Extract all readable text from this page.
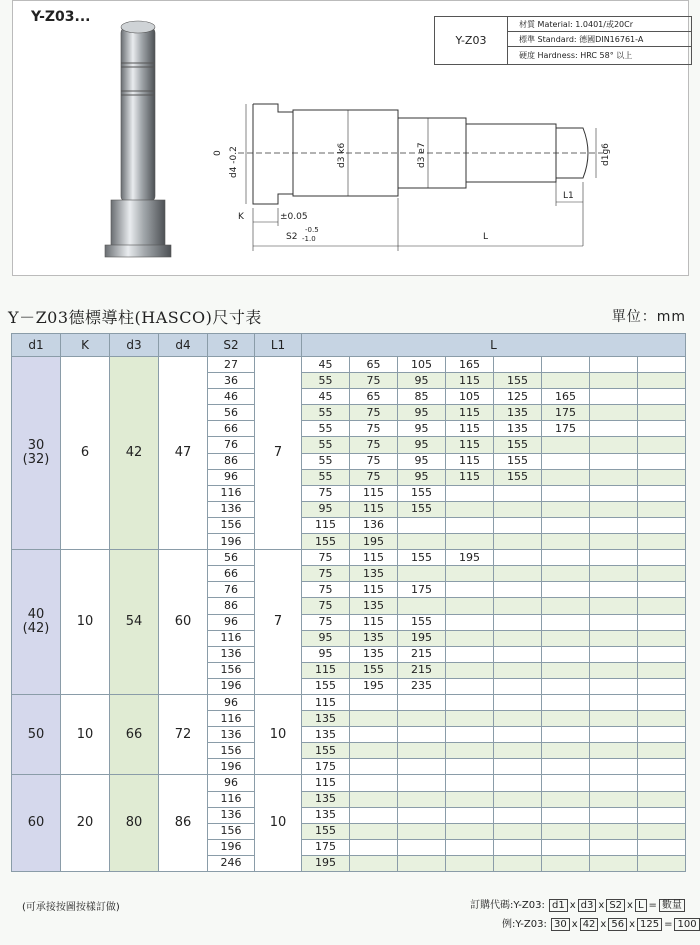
Y-Z03...
Y-Z03
材質 Material: 1.0401/或20Cr
標準 Standard: 德國DIN16761-A
硬度 Hardness: HRC 58° 以上
0 d4 -0.2	d3 k6	d3 e7	d1g6
K	±0.05
S2
-0.5
-1.0	L
L1
Y－Z03德標導柱(HASCO)尺寸表	單位：mm
d1	K	d3	d4	S2	L1	L							
30
(32)	6	42	47	27	7	45	65	105	165				
				36		55	75	95	115	155			
				46		45	65	85	105	125	165		
				56		55	75	95	115	135	175		
				66		55	75	95	115	135	175		
				76		55	75	95	115	155			
				86		55	75	95	115	155			
				96		55	75	95	115	155			
				116		75	115	155					
				136		95	115	155					
				156		115	136						
				196		155	195						
40
(42)	10	54	60	56	7	75	115	155	195				
				66		75	135						
				76		75	115	175					
				86		75	135						
				96		75	115	155					
				116		95	135	195					
				136		95	135	215					
				156		115	155	215					
				196		155	195	235					
50	10	66	72	96	10	115							
				116		135							
				136		135							
				156		155							
				196		175							
60	20	80	86	96	10	115							
				116		135							
				136		135							
				156		155							
				196		175							
				246		195							
(可承接按圖按樣訂做)	訂購代碼:Y-Z03: d1 x d3 x S2 x L = 數量
例:Y-Z03: 30 x 42 x 56 x 125 = 100
